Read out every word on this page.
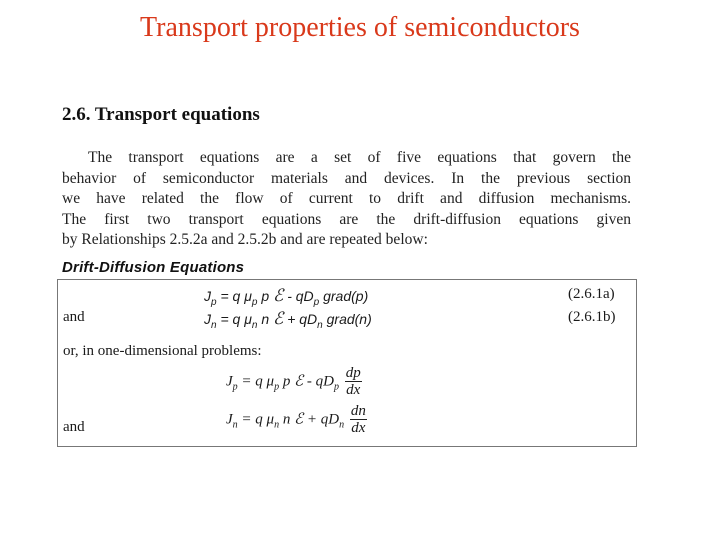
Transport properties of semiconductors
2.6. Transport equations
The transport equations are a set of five equations that govern the
behavior of semiconductor materials and devices. In the previous section
we have related the flow of current to drift and diffusion mechanisms.
The first two transport equations are the drift-diffusion equations given
by Relationships 2.5.2a and 2.5.2b and are repeated below:
Drift-Diffusion Equations
$J_p = q$ $\mu_p$ p ℰ - $qD_p$ grad(p)	(2.6.1a)
and	$J_n = q$ $\mu_n$ n ℰ + $qD_n$ grad(n)	(2.6.1b)
or, in one-dimensional problems:
$J_p = q$ $\mu_p$ p ℰ - $qD_p \frac{dp}{dx}$
and	$J_n = q$ $\mu_n$ n ℰ + $qD_n \frac{dn}{dx}$
